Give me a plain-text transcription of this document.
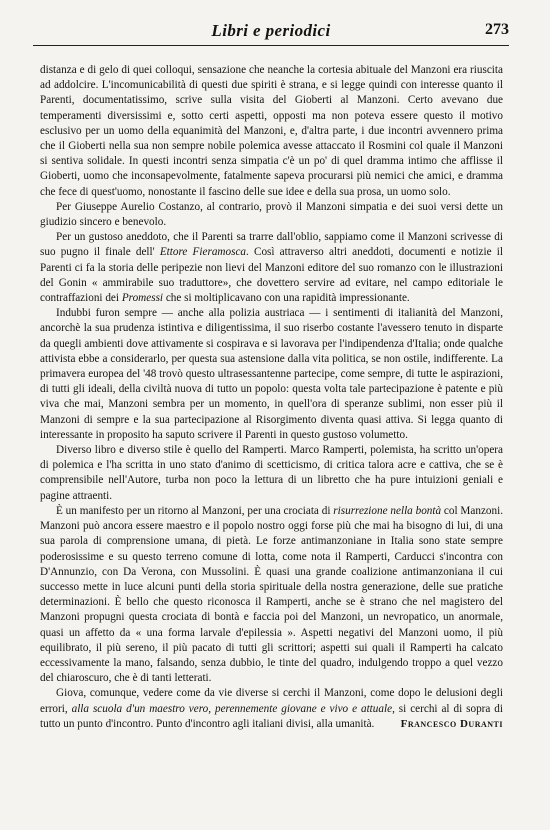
Libri e periodici	273

distanza e di gelo di quei colloqui, sensazione che neanche la cortesia abituale del Manzoni era riuscita ad addolcire. L'incomunicabilità di questi due spiriti è strana, e si legge quindi con interesse quanto il Parenti, documentatissimo, scrive sulla visita del Gioberti al Manzoni. Certo avevano due temperamenti diversissimi e, sotto certi aspetti, opposti ma non poteva essere questo il motivo esclusivo per un uomo della equanimità del Manzoni, e, d'altra parte, i due incontri avvennero prima che il Gioberti nella sua non sempre nobile polemica avesse attaccato il Rosmini col quale il Manzoni si sentiva solidale. In questi incontri senza simpatia c'è un po' di quel dramma intimo che afflisse il Gioberti, uomo che inconsapevolmente, fatalmente sapeva procurarsi più nemici che amici, e dramma che fece di quest'uomo, nonostante il fascino delle sue idee e della sua prosa, un uomo solo.

Per Giuseppe Aurelio Costanzo, al contrario, provò il Manzoni simpatia e dei suoi versi dette un giudizio sincero e benevolo.

Per un gustoso aneddoto, che il Parenti sa trarre dall'oblio, sappiamo come il Manzoni scrivesse di suo pugno il finale dell' Ettore Fieramosca. Così attraverso altri aneddoti, documenti e notizie il Parenti ci fa la storia delle peripezie non lievi del Manzoni editore del suo romanzo con le illustrazioni del Gonin « ammirabile suo traduttore», che dovettero servire ad evitare, nel campo editoriale le contraffazioni dei Promessi che si moltiplicavano con una rapidità impressionante.

Indubbi furon sempre — anche alla polizia austriaca — i sentimenti di italianità del Manzoni, ancorchè la sua prudenza istintiva e diligentissima, il suo riserbo costante l'avessero tenuto in disparte da quegli ambienti dove attivamente si cospirava e si lavorava per l'indipendenza d'Italia; onde qualche attivista ebbe a considerarlo, per questa sua astensione dalla vita politica, se non ostile, indifferente. La primavera europea del '48 trovò questo ultrasessantenne partecipe, come sempre, di tutte le aspirazioni, di tutti gli ideali, della civiltà nuova di tutto un popolo: questa volta tale partecipazione è patente e più viva che mai, Manzoni sembra per un momento, in quell'ora di speranze sublimi, non esser più il Manzoni di sempre e la sua partecipazione al Risorgimento diventa quasi attiva. Si legga quanto di interessante in proposito ha saputo scrivere il Parenti in questo gustoso volumetto.

Diverso libro e diverso stile è quello del Ramperti. Marco Ramperti, polemista, ha scritto un'opera di polemica e l'ha scritta in uno stato d'animo di scetticismo, di critica talora acre e cattiva, che se è comprensibile nell'Autore, turba non poco la lettura di un libretto che ha pure intuizioni geniali e pagine attraenti.

È un manifesto per un ritorno al Manzoni, per una crociata di risurrezione nella bontà col Manzoni. Manzoni può ancora essere maestro e il popolo nostro oggi forse più che mai ha bisogno di lui, di una sua parola di comprensione umana, di pietà. Le forze antimanzoniane in Italia sono state sempre poderosissime e su questo terreno comune di lotta, come nota il Ramperti, Carducci s'incontra con D'Annunzio, con Da Verona, con Mussolini. È quasi una grande coalizione antimanzoniana il cui successo mette in luce alcuni punti della storia spirituale della nostra generazione, delle sue pratiche determinazioni. È bello che questo riconosca il Ramperti, anche se è strano che nel magistero del Manzoni propugni questa crociata di bontà e faccia poi del Manzoni, un nevropatico, un anormale, quasi un affetto da « una forma larvale d'epilessia ». Aspetti negativi del Manzoni uomo, il più equilibrato, il più sereno, il più pacato di tutti gli scrittori; aspetti sui quali il Ramperti ha calcato eccessivamente la mano, falsando, senza dubbio, le tinte del quadro, indulgendo troppo a quel vezzo del chiaroscuro, che è di tanti letterati.

Giova, comunque, vedere come da vie diverse si cerchi il Manzoni, come dopo le delusioni degli errori, alla scuola d'un maestro vero, perennemente giovane e vivo e attuale, si cerchi al di sopra di tutto un punto d'incontro. Punto d'incontro agli italiani divisi, alla umanità.	Francesco Duranti
